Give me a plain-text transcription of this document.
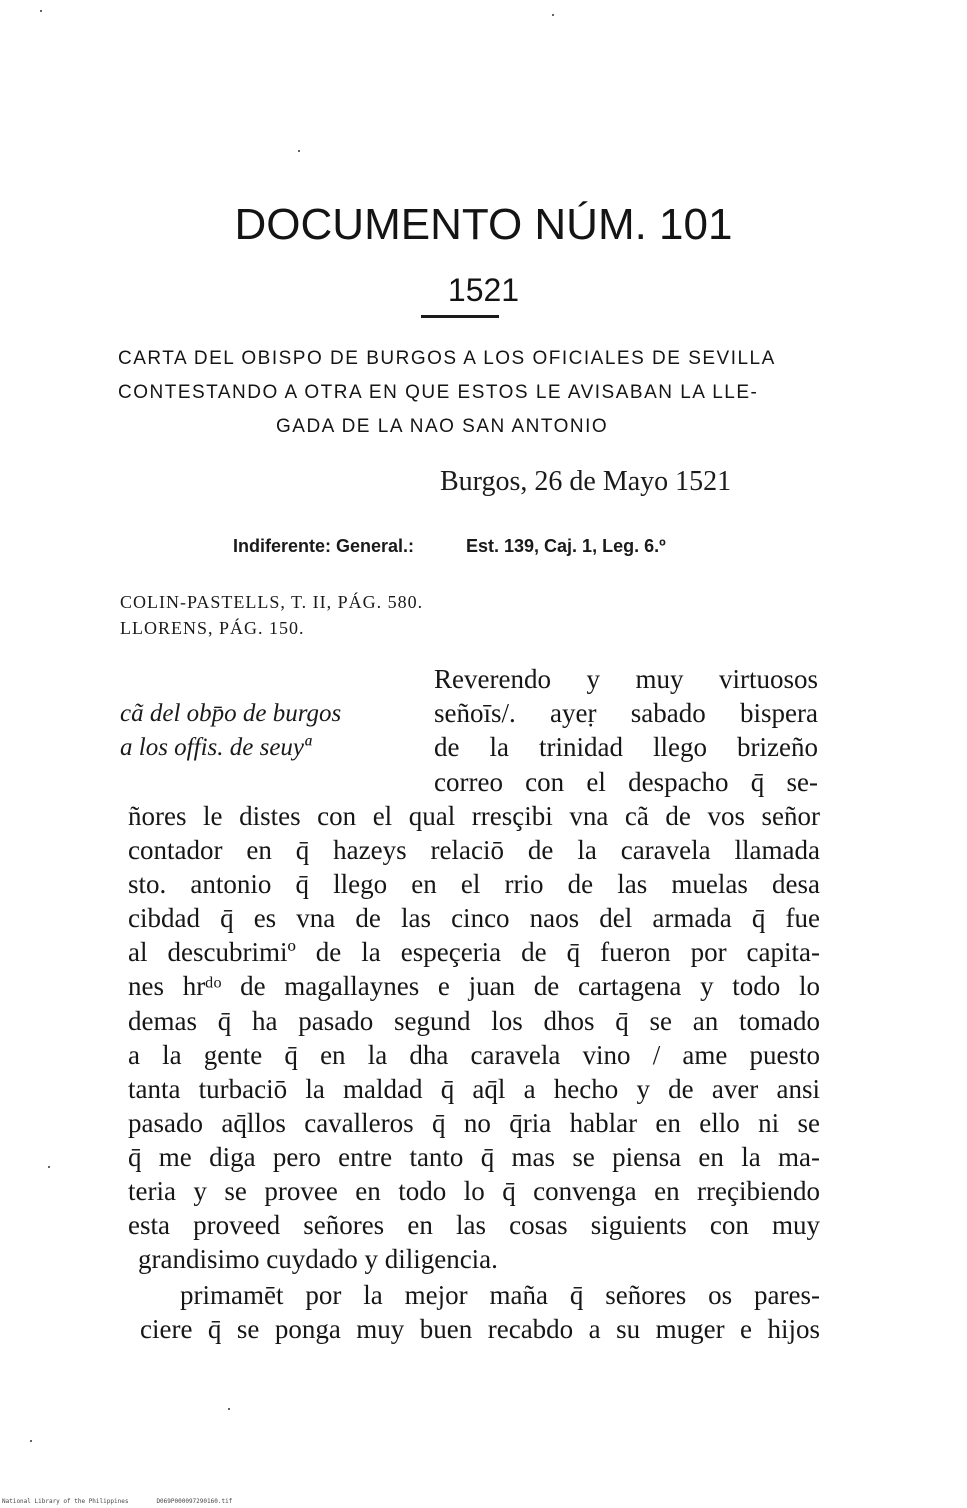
DOCUMENTO NÚM. 101
1521
CARTA DEL OBISPO DE BURGOS A LOS OFICIALES DE SEVILLA
CONTESTANDO A OTRA EN QUE ESTOS LE AVISABAN LA LLE-
GADA DE LA NAO SAN ANTONIO
Burgos, 26 de Mayo 1521
Indiferente: General.:	Est. 139, Caj. 1, Leg. 6.º
COLIN-PASTELLS, T. II, PÁG. 580.
LLORENS, PÁG. 150.
cã del obp̄o de burgos
a los offis. de seuyª
Reverendo y muy virtuosos
señoīs/. ayeṛ sabado bispera
de la trinidad llego brizeño
correo con el despacho q̄ se-
ñores le distes con el qual rresçibi vna cã de vos señor
contador en q̄ hazeys relaciō de la caravela llamada
sto. antonio q̄ llego en el rrio de las muelas desa
cibdad q̄ es vna de las cinco naos del armada q̄ fue
al descubrimiº de la espeçeria de q̄ fueron por capita-
nes hrᵈᵒ de magallaynes e juan de cartagena y todo lo
demas q̄ ha pasado segund los dhos q̄ se an tomado
a la gente q̄ en la dha caravela vino / ame puesto
tanta turbaciō la maldad q̄ aq̄l a hecho y de aver ansi
pasado aq̄llos cavalleros q̄ no q̄ria hablar en ello ni se
q̄ me diga pero entre tanto q̄ mas se piensa en la ma-
teria y se provee en todo lo q̄ convenga en rreçibiendo
esta proveed señores en las cosas siguients con muy
grandisimo cuydado y diligencia.
primamēt por la mejor maña q̄ señores os pares-
ciere q̄ se ponga muy buen recabdo a su muger e hijos
National Library of the Philippines	D069P000097290160.tif
